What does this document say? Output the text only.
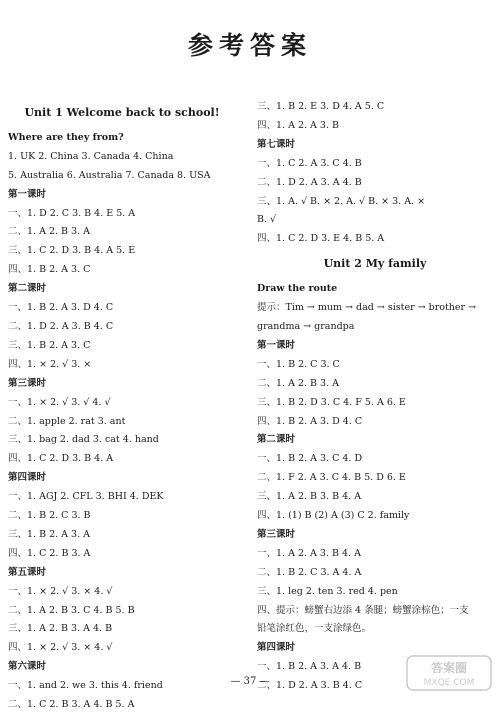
参考答案
Unit 1 Welcome back to school!
Where are they from?
1. UK 2. China 3. Canada 4. China
5. Australia 6. Australia 7. Canada 8. USA
第一课时
一、1. D 2. C 3. B 4. E 5. A
二、1. A 2. B 3. A
三、1. C 2. D 3. B 4. A 5. E
四、1. B 2. A 3. C
第二课时
一、1. B 2. A 3. D 4. C
二、1. D 2. A 3. B 4. C
三、1. B 2. A 3. C
四、1. × 2. √ 3. ×
第三课时
一、1. × 2. √ 3. √ 4. √
二、1. apple 2. rat 3. ant
三、1. bag 2. dad 3. cat 4. hand
四、1. C 2. D 3. B 4. A
第四课时
一、1. AGJ 2. CFL 3. BHI 4. DEK
二、1. B 2. C 3. B
三、1. B 2. A 3. A
四、1. C 2. B 3. A
第五课时
一、1. × 2. √ 3. × 4. √
二、1. A 2. B 3. C 4. B 5. B
三、1. A 2. B 3. A 4. B
四、1. × 2. √ 3. × 4. √
第六课时
一、1. and 2. we 3. this 4. friend
二、1. C 2. B 3. A 4. B 5. A
三、1. B 2. E 3. D 4. A 5. C
四、1. A 2. A 3. B
第七课时
一、1. C 2. A 3. C 4. B
二、1. D 2. A 3. A 4. B
三、1. A. √ B. × 2. A. √ B. × 3. A. ×
B. √
四、1. C 2. D 3. E 4. B 5. A
Unit 2 My family
Draw the route
提示：Tim → mum → dad → sister → brother →
grandma → grandpa
第一课时
一、1. B 2. C 3. C
二、1. A 2. B 3. A
三、1. B 2. D 3. C 4. F 5. A 6. E
四、1. B 2. A 3. D 4. C
第二课时
一、1. B 2. A 3. C 4. D
二、1. F 2. A 3. C 4. B 5. D 6. E
三、1. A 2. B 3. B 4. A
四、1. (1) B (2) A (3) C 2. family
第三课时
一、1. A 2. A 3. B 4. A
二、1. B 2. C 3. A 4. A
三、1. leg 2. ten 3. red 4. pen
四、提示：螃蟹右边添 4 条腿；螃蟹涂棕色；一支
铅笔涂红色，一支涂绿色。
第四课时
一、1. B 2. A 3. A 4. B
二、1. D 2. A 3. B 4. C
— 37 —
答案圈
MXQE.COM
